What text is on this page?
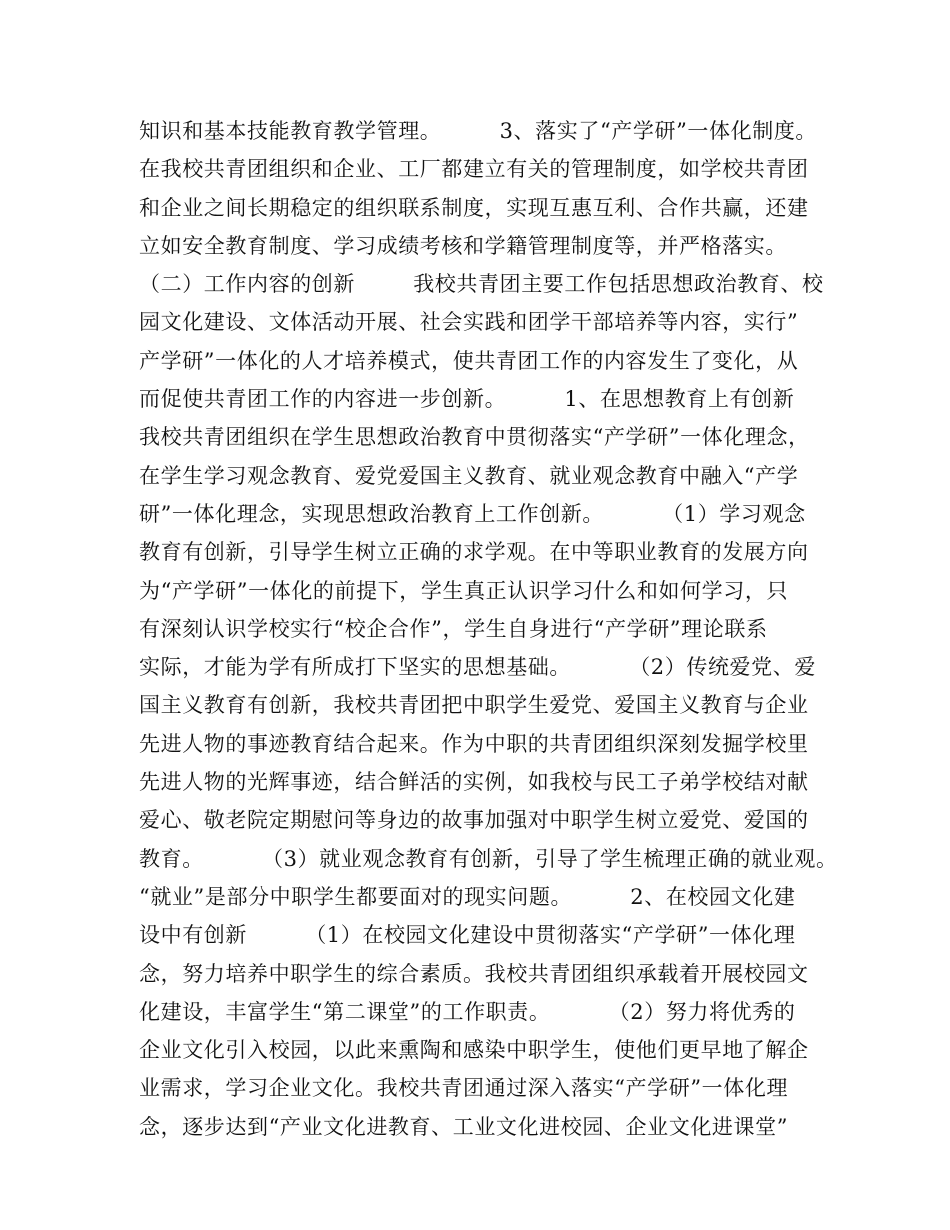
知识和基本技能教育教学管理。        3、落实了“产学研”一体化制度。
在我校共青团组织和企业、工厂都建立有关的管理制度，如学校共青团
和企业之间长期稳定的组织联系制度，实现互惠互利、合作共赢，还建
立如安全教育制度、学习成绩考核和学籍管理制度等，并严格落实。
（二）工作内容的创新        我校共青团主要工作包括思想政治教育、校
园文化建设、文体活动开展、社会实践和团学干部培养等内容，实行”
产学研”一体化的人才培养模式，使共青团工作的内容发生了变化，从
而促使共青团工作的内容进一步创新。        1、在思想教育上有创新
我校共青团组织在学生思想政治教育中贯彻落实“产学研”一体化理念，
在学生学习观念教育、爱党爱国主义教育、就业观念教育中融入“产学
研”一体化理念，实现思想政治教育上工作创新。        （1）学习观念
教育有创新，引导学生树立正确的求学观。在中等职业教育的发展方向
为“产学研”一体化的前提下，学生真正认识学习什么和如何学习，只
有深刻认识学校实行“校企合作”，学生自身进行“产学研”理论联系
实际，才能为学有所成打下坚实的思想基础。        （2）传统爱党、爱
国主义教育有创新，我校共青团把中职学生爱党、爱国主义教育与企业
先进人物的事迹教育结合起来。作为中职的共青团组织深刻发掘学校里
先进人物的光辉事迹，结合鲜活的实例，如我校与民工子弟学校结对献
爱心、敬老院定期慰问等身边的故事加强对中职学生树立爱党、爱国的
教育。        （3）就业观念教育有创新，引导了学生梳理正确的就业观。
“就业”是部分中职学生都要面对的现实问题。        2、在校园文化建
设中有创新        （1）在校园文化建设中贯彻落实“产学研”一体化理
念，努力培养中职学生的综合素质。我校共青团组织承载着开展校园文
化建设，丰富学生“第二课堂”的工作职责。        （2）努力将优秀的
企业文化引入校园，以此来熏陶和感染中职学生，使他们更早地了解企
业需求，学习企业文化。我校共青团通过深入落实“产学研”一体化理
念，逐步达到“产业文化进教育、工业文化进校园、企业文化进课堂”
